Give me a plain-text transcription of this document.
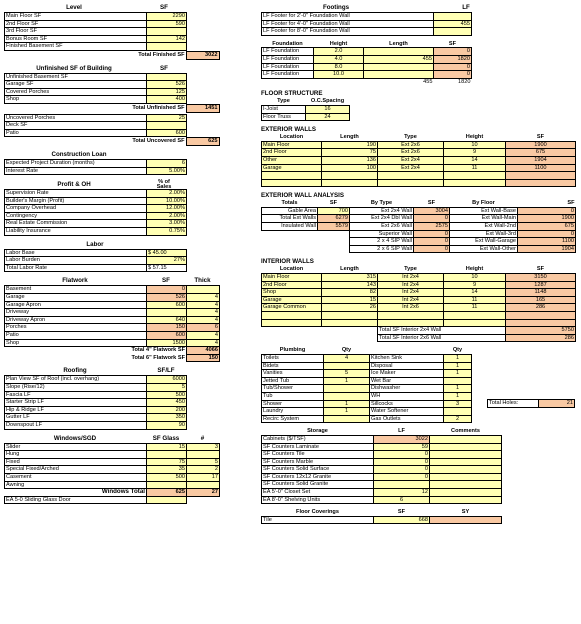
Level	SF
Main Floor SF	2290
2nd Floor SF	590
3rd Floor SF	
Bonus Room SF	142
Finished Basement SF	
Total Finished SF	3022
Unfinished SF of Building	SF
Unfinished Basement SF	
Garage SF	526
Covered Porches	125
Shop	400
Total Unfinished SF	1451
Uncovered Porches	25
Deck SF	
Patio	600
Total Uncovered SF	625
Construction Loan
Expected Project Duration (months)	6
Interest Rate	5.00%
Profit & OH	% of
Sales
Supervision Rate	2.00%
Builder's Margin (Profit)	10.00%
Company Overhead	12.00%
Contingency	2.00%
Real Estate Commission	3.00%
Liability Insurance	0.75%
Labor
Labor Base	$ 45.00
Labor Burden	27%
Total Labor Rate	$ 57.15
Flatwork	SF	Thick
Basement	0	
Garage	526	4
Garage Apron	600	4
Driveway		4
Driveway Apron	640	4
Porches	150	6
Patio	600	4
Shop	1500	4
Total 4" Flatwork SF		4066
Total 6" Flatwork SF		150
Roofing	SF/LF
Plan View SF of Roof (incl. overhang)	6000
Slope (Rise/12)	5
Fascia LF	500
Starter Strip LF	450
Hip & Ridge LF	200
Gutter LF	350
Downspout LF	90
Windows/SGD	SF Glass	#
Slider	15	3
Hung		
Fixed	75	5
Special Fixed/Arched	35	2
Casement	500	17
Awning		
Windows Total	625	27
EA 5-0 Sliding Glass Door		
Footings	LF
LF Footer for 2'-0" Foundation Wall	
LF Footer for 4'-0" Foundation Wall	455
LF Footer for 8'-0" Foundation Wall	
Foundation	Height	Length	SF
LF Foundation	2.0		0
LF Foundation	4.0	455	1820
LF Foundation	8.0		0
LF Foundation	10.0		0
		455	1820
FLOOR STRUCTURE
Type	O.C.Spacing
I-Joist	16
Floor Truss	24
EXTERIOR WALLS
Location	Length	Type	Height	SF
Main Floor	190	Ext 2x6	10	1900
2nd Floor	75	Ext 2x6	9	675
Other	136	Ext 2x4	14	1904
Garage	100	Ext 2x4	11	1100

EXTERIOR WALL ANALYSIS
Totals	SF	By Type	SF	By Floor	SF
Gable Area	700	Ext 2x4 Wall	3004	Ext Wall-Base	0
Total Ext Walls	6279	Ext 2x4 Dbl Wall	0	Ext Wall-Main	1900
Insulated Wall	5579	Ext 2x6 Wall	2575	Ext Wall-2nd	675
		Superior Wall	0	Ext Wall-3rd	0
		2 x 4 SIP Wall	0	Ext Wall-Garage	1100
		2 x 6 SIP Wall	0	Ext Wall-Other	1904
INTERIOR WALLS
Location	Length	Type	Height	SF
Main Floor	315	Int 2x4	10	3150
2nd Floor	143	Int 2x4	9	1287
Shop	82	Int 2x4	14	1148
Garage	15	Int 2x4	11	165
Garage Common	26	Int 2x6	11	286

		Total SF Interior 2x4 Wall		5750
		Total SF Interior 2x6 Wall		286
Plumbing	Qty		Qty		
Toilets	4	Kitchen Sink	1		
Bidets		Disposal	1		
Vanities	5	Ice Maker	1		
Jetted Tub	1	Wet Bar			
Tub/Shower		Dishwasher	1		
Tub		WH	1		
Shower	1	Sillcocks	3		
Laundry	1	Water Softener			
Recirc System		Gas Outlets	2		
Total Holes:	21
Storage	LF	Comments
Cabinets ($/TSF)	3022	
SF Counters Laminate	59	
SF Counters Tile	0	
SF Counters Marble	0	
SF Counters Solid Surface	0	
SF Counters 12x12 Granite	0	
SF Counters Solid Granite		
EA 5'-0" Closet Set	12	
EA 8'-0" Shelving Units	6	
Floor Coverings	SF	SY
Tile	668	
